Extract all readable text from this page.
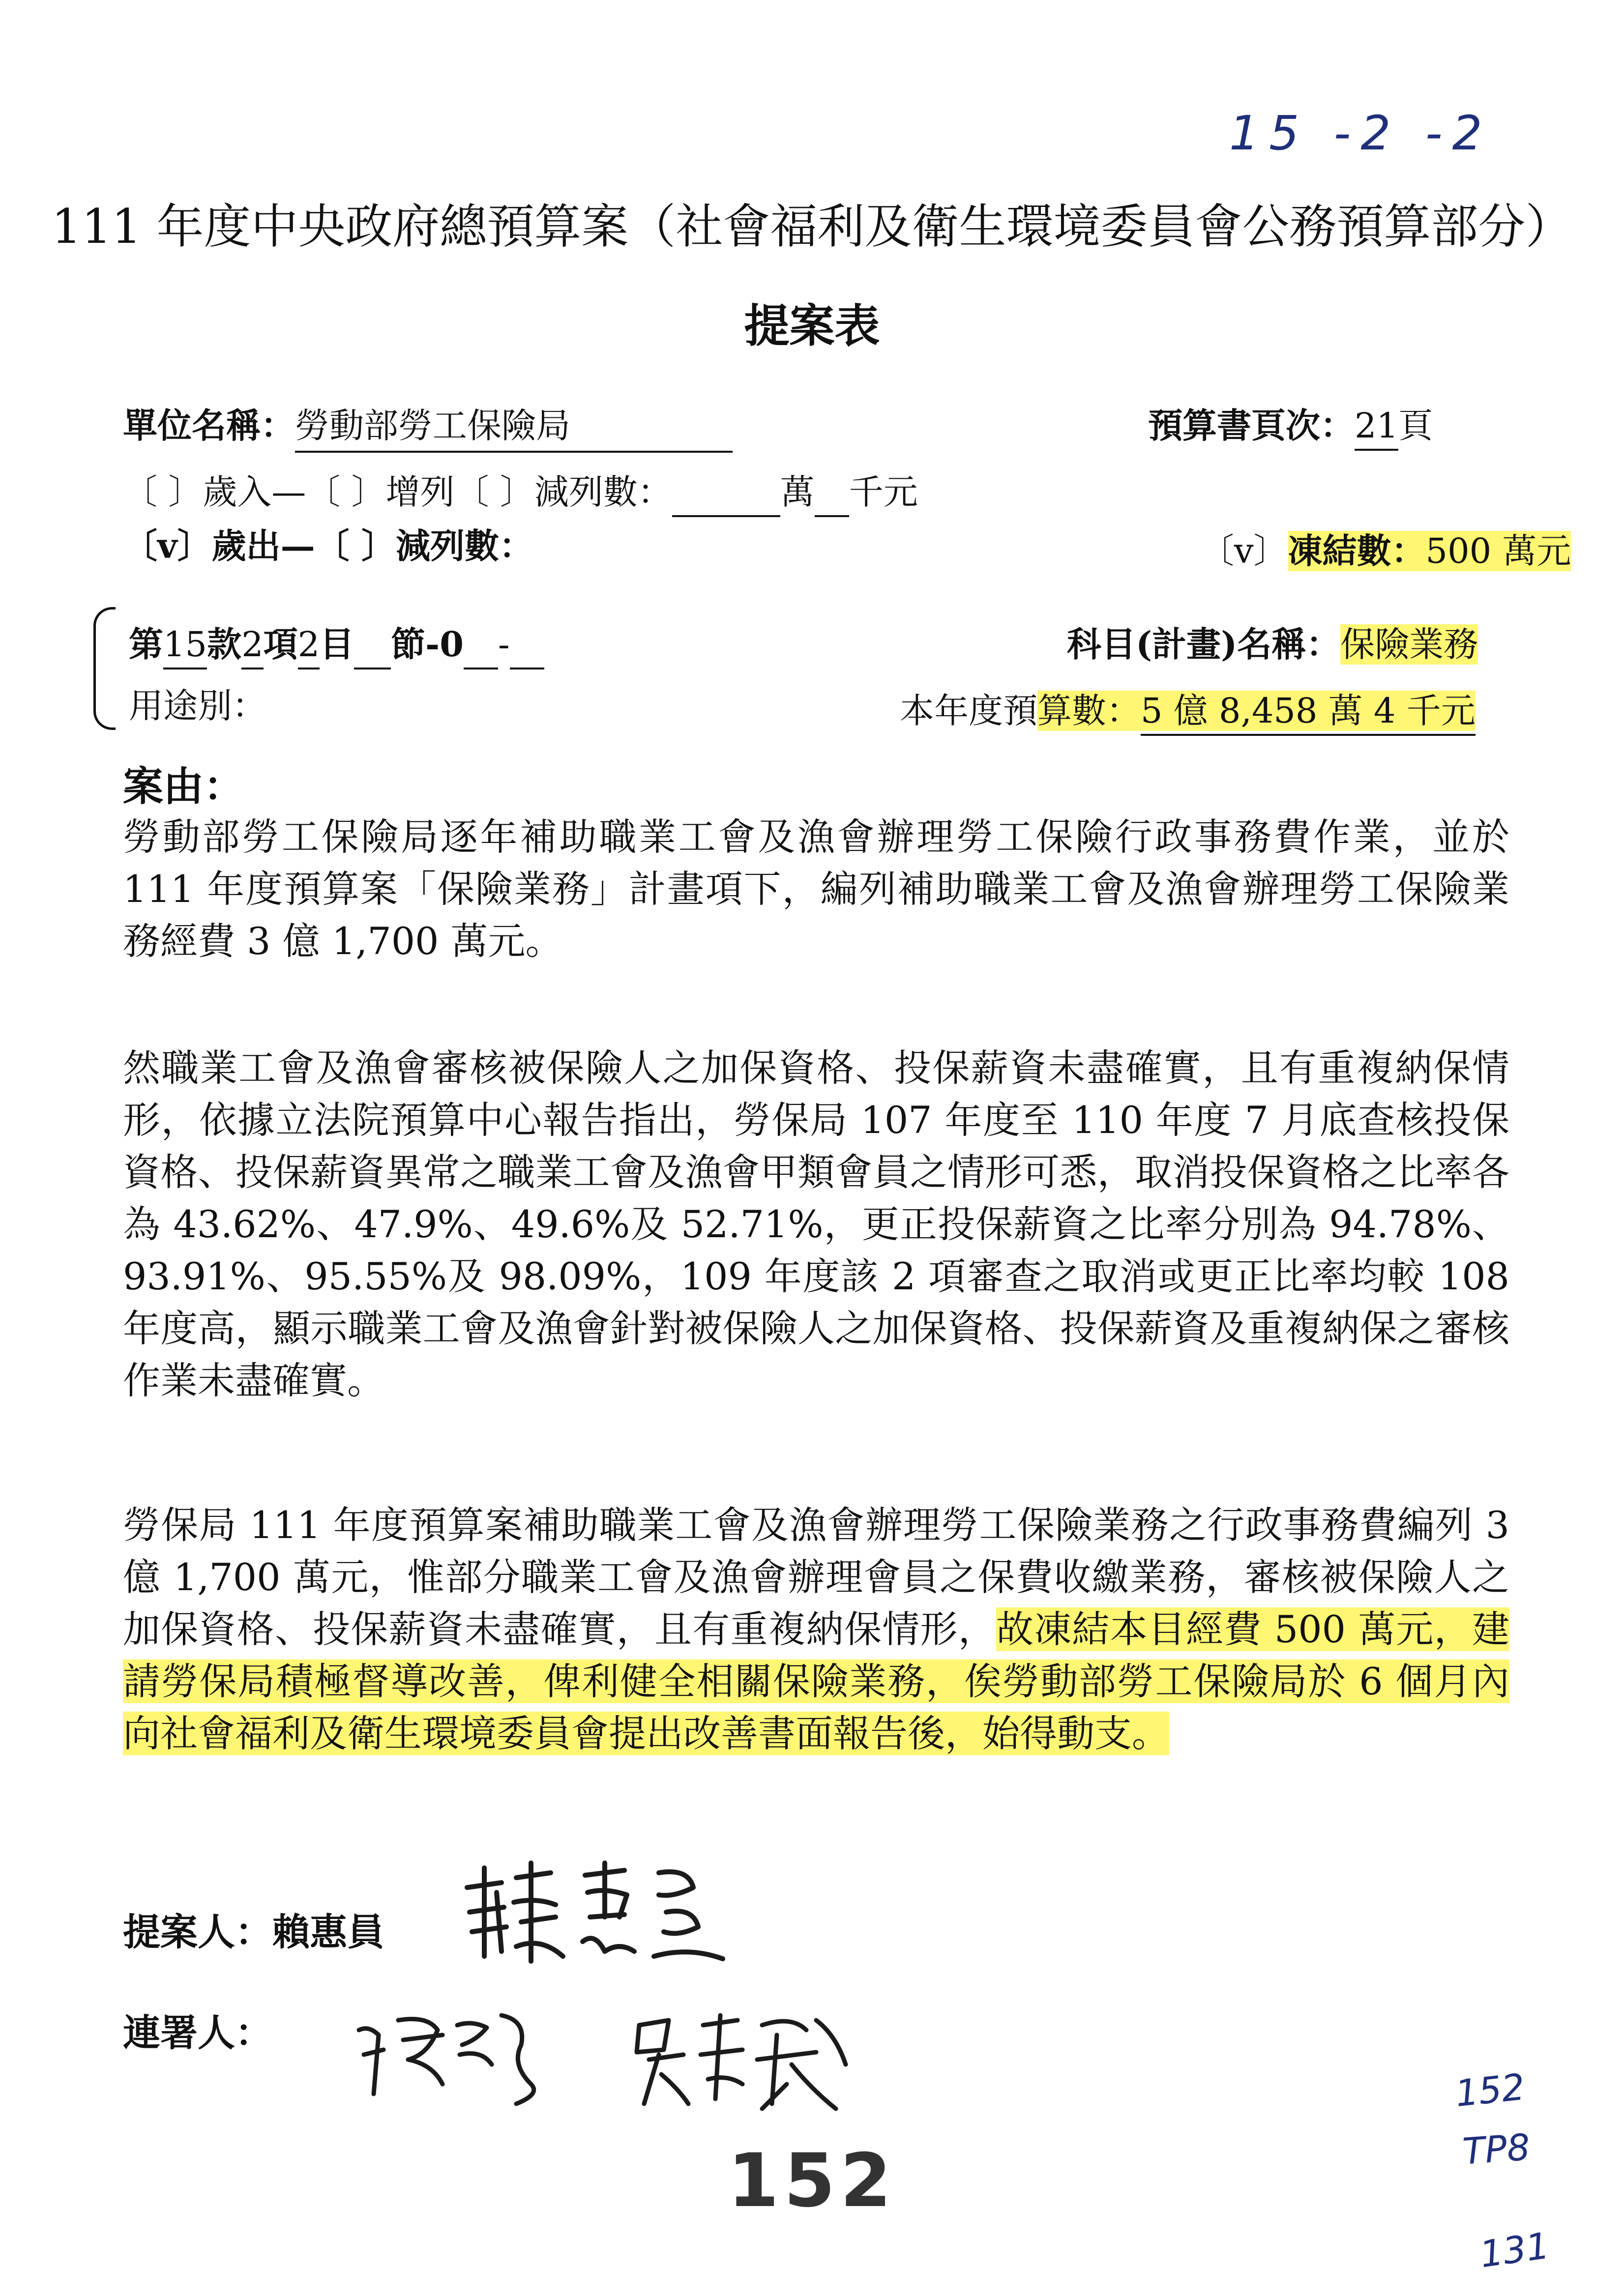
15 -2 -2
111 年度中央政府總預算案（社會福利及衛生環境委員會公務預算部分）
提案表
單位名稱：勞動部勞工保險局	預算書頁次：21頁
〔 〕歲入—〔 〕增列〔 〕減列數：	萬 千元
〔v〕歲出—〔 〕減列數：	〔v〕凍結數：500 萬元
第15款2項2目 節-0 -	科目(計畫)名稱：保險業務
用途別：	本年度預算數：5 億 8,458 萬 4 千元
案由：
勞動部勞工保險局逐年補助職業工會及漁會辦理勞工保險行政事務費作業，並於 111 年度預算案「保險業務」計畫項下，編列補助職業工會及漁會辦理勞工保險業務經費 3 億 1,700 萬元。
然職業工會及漁會審核被保險人之加保資格、投保薪資未盡確實，且有重複納保情形，依據立法院預算中心報告指出，勞保局 107 年度至 110 年度 7 月底查核投保資格、投保薪資異常之職業工會及漁會甲類會員之情形可悉，取消投保資格之比率各為 43.62%、47.9%、49.6%及 52.71%，更正投保薪資之比率分別為 94.78%、93.91%、95.55%及 98.09%，109 年度該 2 項審查之取消或更正比率均較 108 年度高，顯示職業工會及漁會針對被保險人之加保資格、投保薪資及重複納保之審核作業未盡確實。
勞保局 111 年度預算案補助職業工會及漁會辦理勞工保險業務之行政事務費編列 3 億 1,700 萬元，惟部分職業工會及漁會辦理會員之保費收繳業務，審核被保險人之加保資格、投保薪資未盡確實，且有重複納保情形，故凍結本目經費 500 萬元，建請勞保局積極督導改善，俾利健全相關保險業務，俟勞動部勞工保險局於 6 個月內向社會福利及衛生環境委員會提出改善書面報告後，始得動支。
提案人：賴惠員
連署人：
152
152
TP8
131
